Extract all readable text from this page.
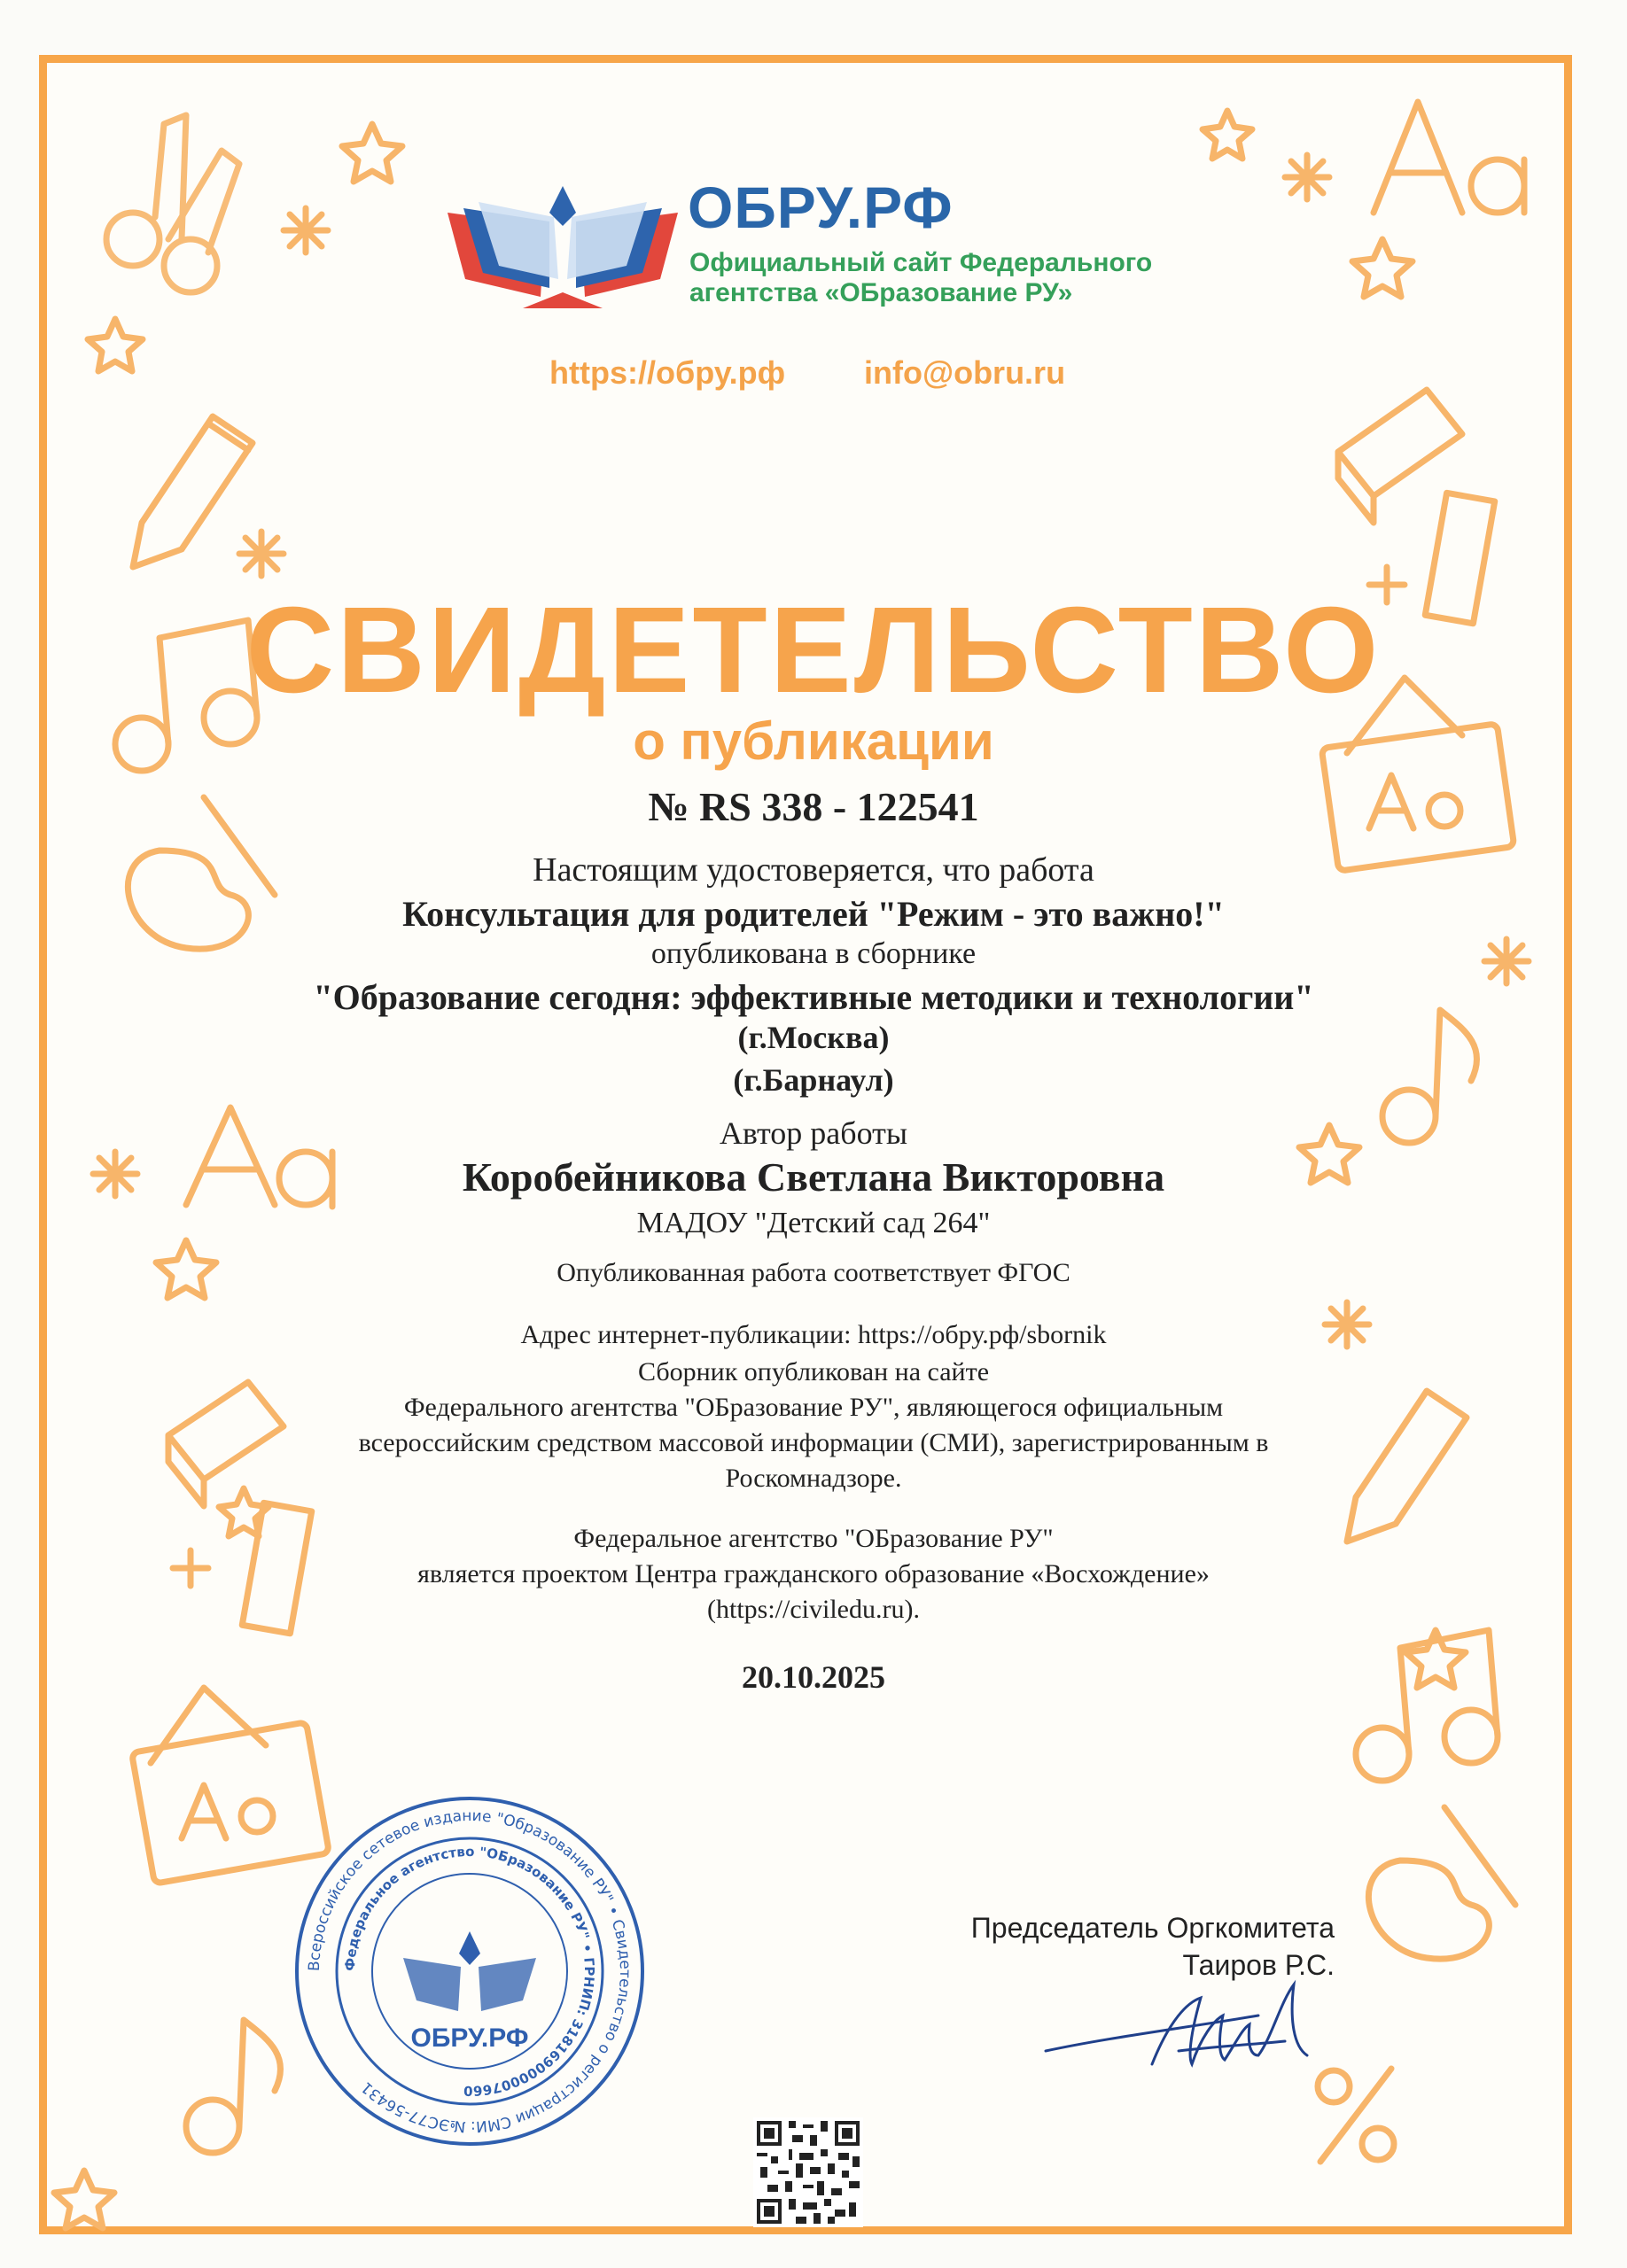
ОБРУ.РФ
Официальный сайт Федерального
агентства «ОБразование РУ»
https://обру.рф info@obru.ru
СВИДЕТЕЛЬСТВО
о публикации
№ RS 338 - 122541
Настоящим удостоверяется, что работа
Консультация для родителей "Режим - это важно!"
опубликована в сборнике
"Образование сегодня: эффективные методики и технологии"
(г.Москва)
(г.Барнаул)
Автор работы
Коробейникова Светлана Викторовна
МАДОУ "Детский сад 264"
Опубликованная работа соответствует ФГОС
Адрес интернет-публикации: https://обру.рф/sbornik
Сборник опубликован на сайте
Федерального агентства "ОБразование РУ", являющегося официальным
всероссийским средством массовой информации (СМИ), зарегистрированным в
Роскомнадзоре.
Федеральное агентство "ОБразование РУ"
является проектом Центра гражданского образование «Восхождение»
(https://civiledu.ru).
20.10.2025
Председатель Оргкомитета
Таиров Р.С.
Всероссийское сетевое издание "Образование РУ" • Свидетельство о регистрации СМИ: №ЭС77-56431
Федеральное агентство "ОБразование РУ" • ГРНИП: 318169000007660
ОБРУ.РФ
